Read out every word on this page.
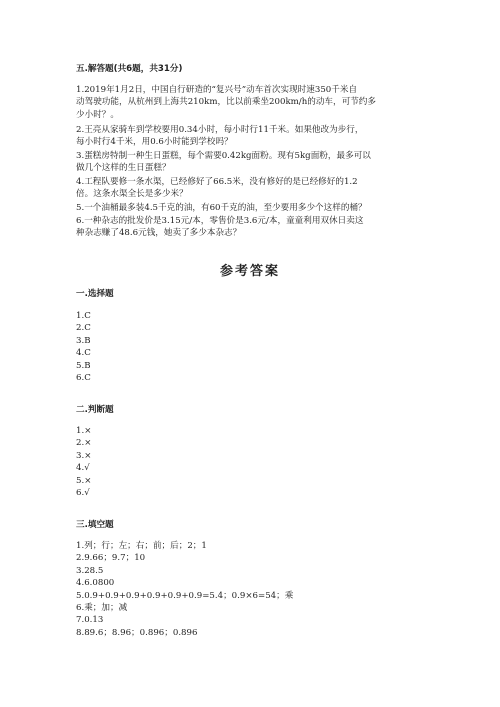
五.解答题(共6题，共31分)
1.2019年1月2日，中国自行研造的“复兴号”动车首次实现时速350千米自
动驾驶功能，从杭州到上海共210km，比以前乘坐200km/h的动车，可节约多
少小时？。
2.王亮从家骑车到学校要用0.34小时，每小时行11千米。如果他改为步行，
每小时行4千米，用0.6小时能到学校吗？
3.蛋糕房特制一种生日蛋糕，每个需要0.42kg面粉。现有5kg面粉，最多可以
做几个这样的生日蛋糕？
4.工程队要修一条水渠，已经修好了66.5米，没有修好的是已经修好的1.2
倍。这条水渠全长是多少米？
5.一个油桶最多装4.5千克的油，有60千克的油，至少要用多少个这样的桶？
6.一种杂志的批发价是3.15元/本，零售价是3.6元/本，童童利用双休日卖这
种杂志赚了48.6元钱，她卖了多少本杂志？
参考答案
一.选择题
1.C
2.C
3.B
4.C
5.B
6.C
二.判断题
1.×
2.×
3.×
4.√
5.×
6.√
三.填空题
1.列；行；左；右；前；后；2；1
2.9.66；9.7；10
3.28.5
4.6.0800
5.0.9+0.9+0.9+0.9+0.9+0.9=5.4；0.9×6=54；乘
6.乘；加；减
7.0.13
8.89.6；8.96；0.896；0.896
